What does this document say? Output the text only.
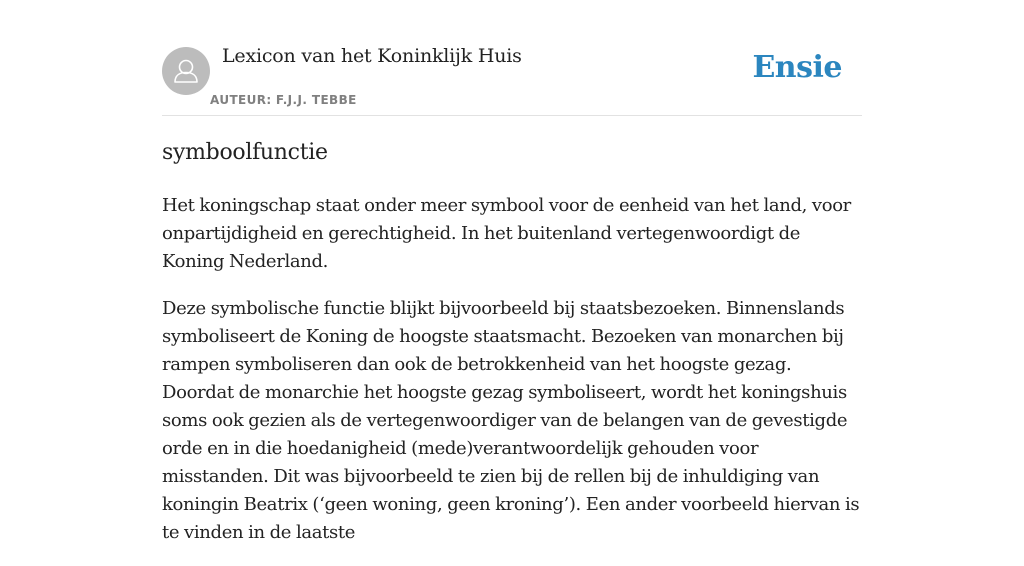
Lexicon van het Koninklijk Huis
AUTEUR: F.J.J. TEBBE
Ensie
symboolfunctie

Het koningschap staat onder meer symbool voor de eenheid van het land, voor onpartijdigheid en gerechtigheid. In het buitenland vertegenwoordigt de Koning Nederland.

Deze symbolische functie blijkt bijvoorbeeld bij staatsbezoeken. Binnenslands symboliseert de Koning de hoogste staatsmacht. Bezoeken van monarchen bij rampen symboliseren dan ook de betrokkenheid van het hoogste gezag. Doordat de monarchie het hoogste gezag symboliseert, wordt het koningshuis soms ook gezien als de vertegenwoordiger van de belangen van de gevestigde orde en in die hoedanigheid (mede)verantwoordelijk gehouden voor misstanden. Dit was bijvoorbeeld te zien bij de rellen bij de inhuldiging van koningin Beatrix (‘geen woning, geen kroning’). Een ander voorbeeld hiervan is te vinden in de laatste
